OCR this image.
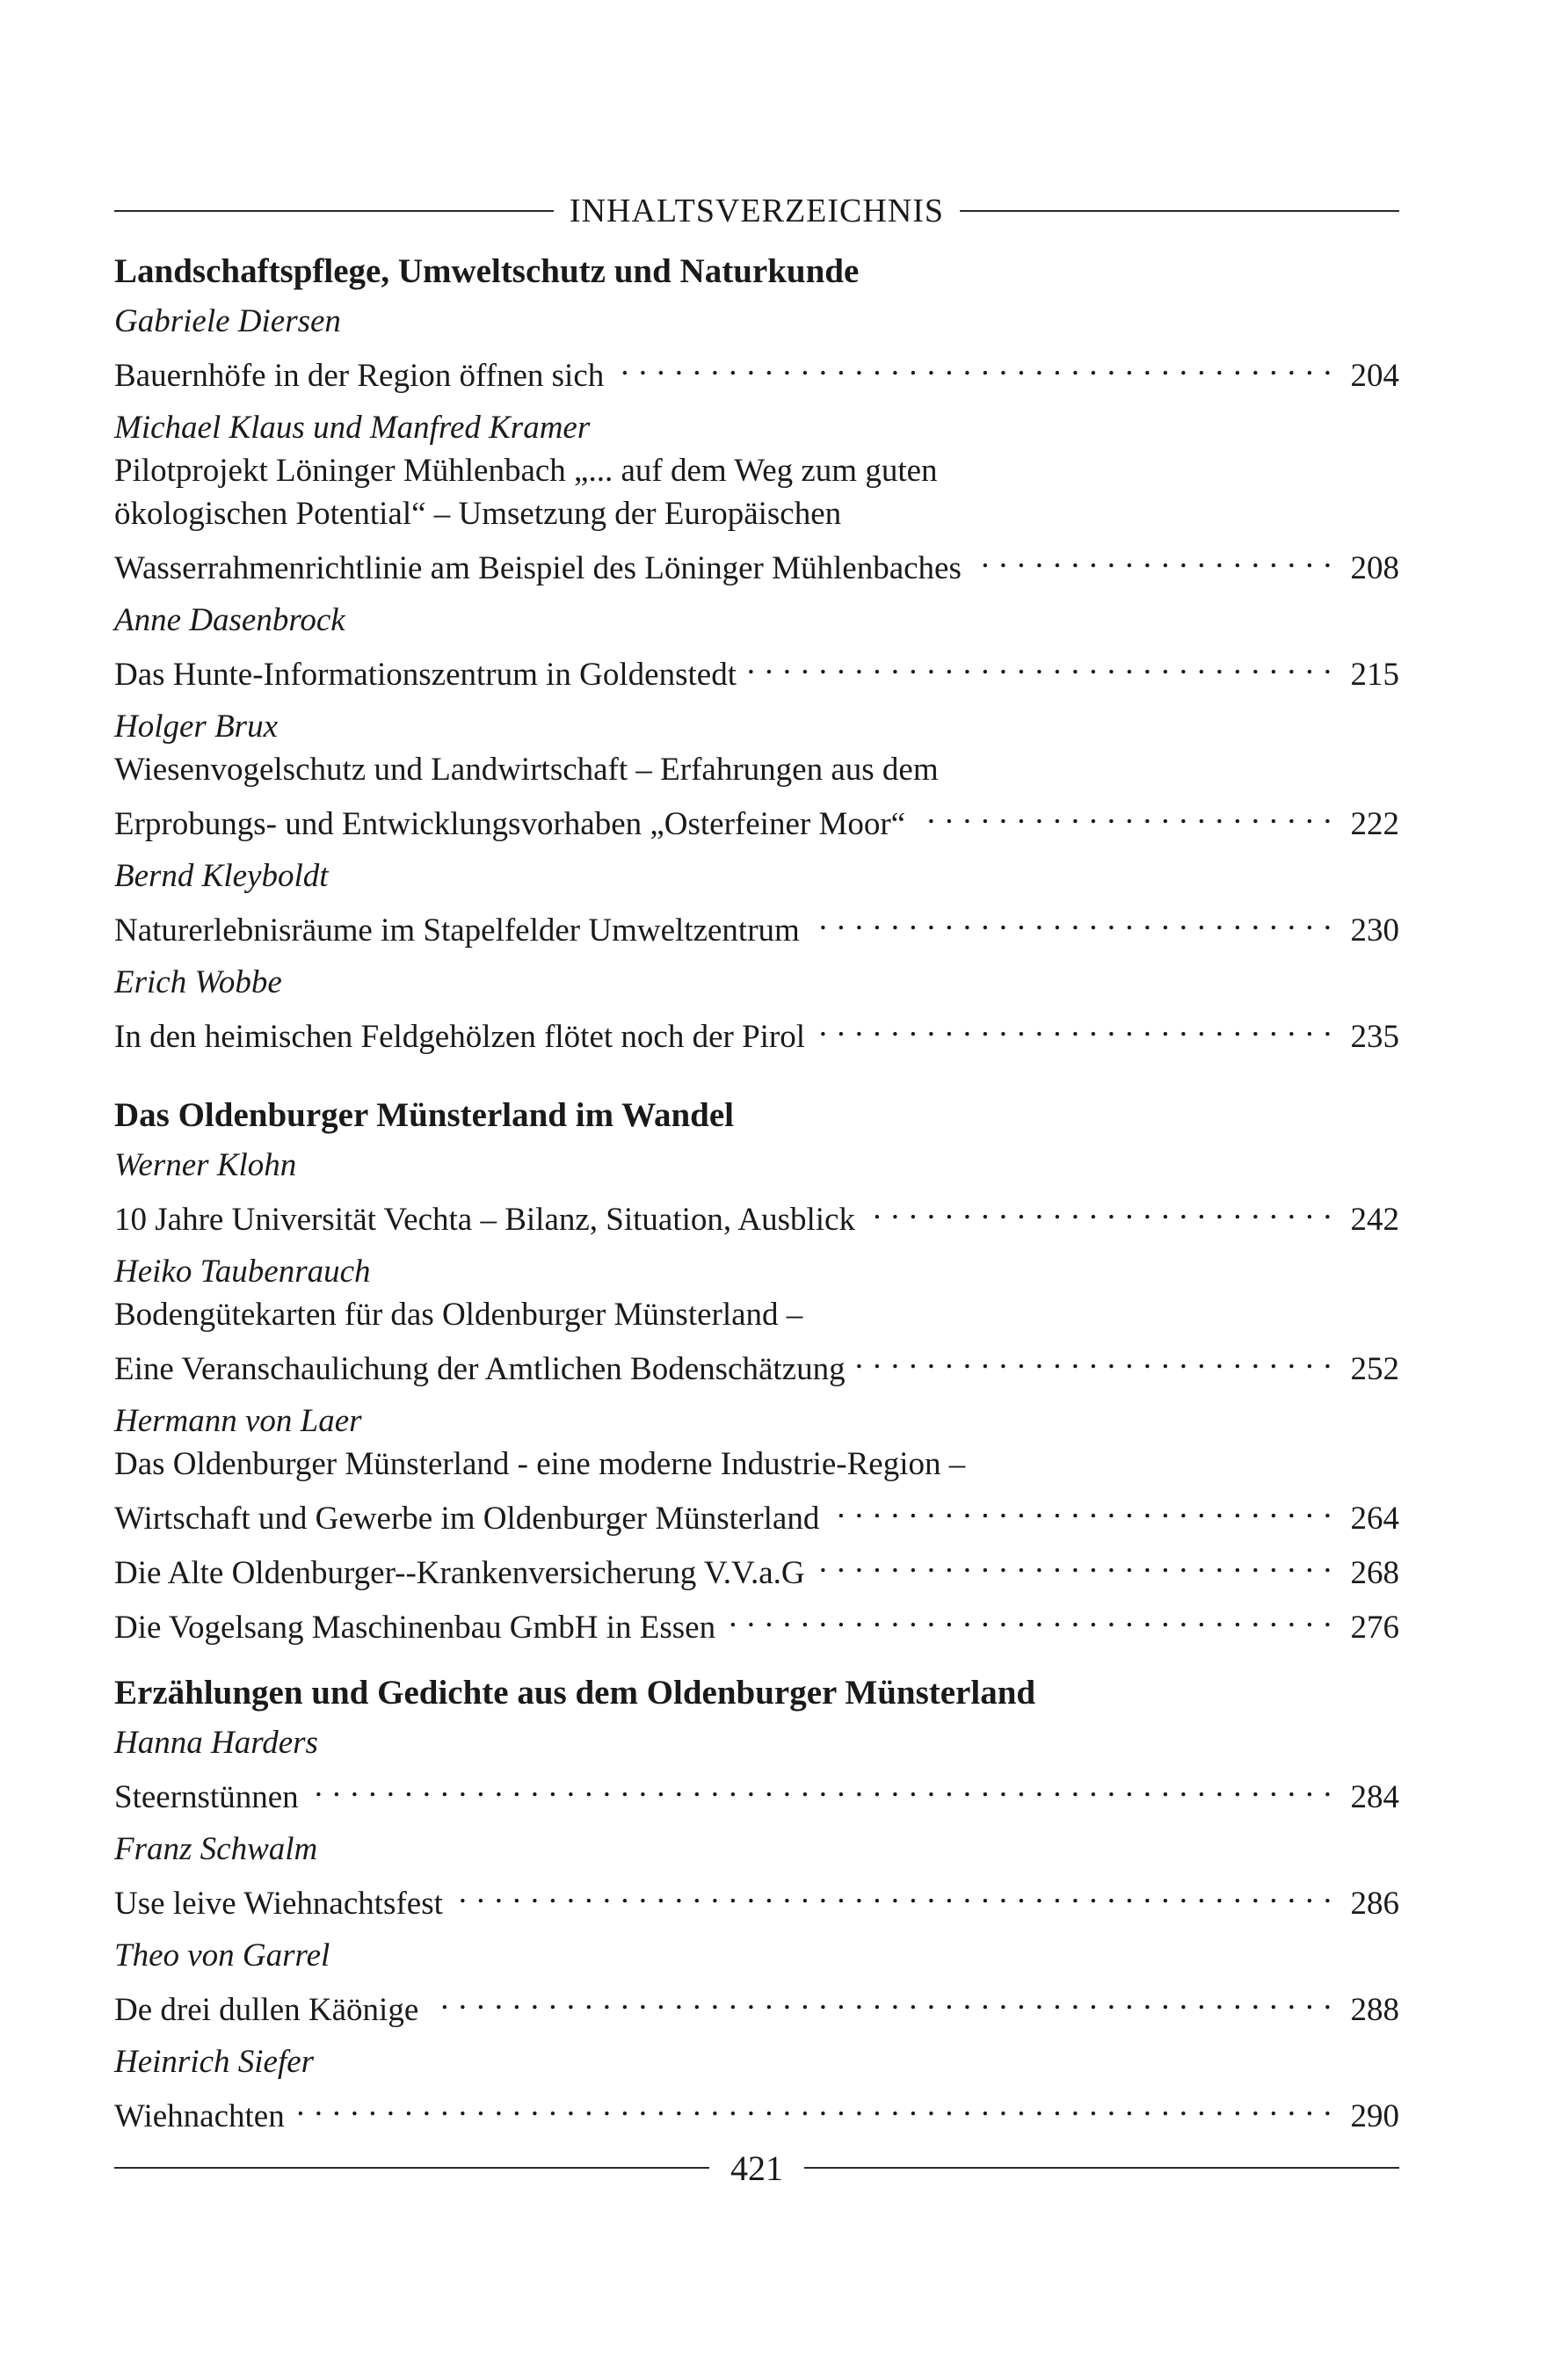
INHALTSVERZEICHNIS
Landschaftspflege, Umweltschutz und Naturkunde
Gabriele Diersen
Bauernhöfe in der Region öffnen sich . . .	204
Michael Klaus und Manfred Kramer
Pilotprojekt Löninger Mühlenbach „... auf dem Weg zum guten
ökologischen Potential“ – Umsetzung der Europäischen
Wasserrahmenrichtlinie am Beispiel des Löninger Mühlenbaches . . .	208
Anne Dasenbrock
Das Hunte-Informationszentrum in Goldenstedt . . .	215
Holger Brux
Wiesenvogelschutz und Landwirtschaft – Erfahrungen aus dem
Erprobungs- und Entwicklungsvorhaben „Osterfeiner Moor“ . . .	222
Bernd Kleyboldt
Naturerlebnisräume im Stapelfelder Umweltzentrum . . .	230
Erich Wobbe
In den heimischen Feldgehölzen flötet noch der Pirol . . .	235
Das Oldenburger Münsterland im Wandel
Werner Klohn
10 Jahre Universität Vechta – Bilanz, Situation, Ausblick . . .	242
Heiko Taubenrauch
Bodengütekarten für das Oldenburger Münsterland –
Eine Veranschaulichung der Amtlichen Bodenschätzung . . .	252
Hermann von Laer
Das Oldenburger Münsterland - eine moderne Industrie-Region –
Wirtschaft und Gewerbe im Oldenburger Münsterland . . .	264
Die Alte Oldenburger--Krankenversicherung V.V.a.G . . .	268
Die Vogelsang Maschinenbau GmbH in Essen . . .	276
Erzählungen und Gedichte aus dem Oldenburger Münsterland
Hanna Harders
Steernstünnen . . .	284
Franz Schwalm
Use leive Wiehnachtsfest . . .	286
Theo von Garrel
De drei dullen Käönige . . .	288
Heinrich Siefer
Wiehnachten . . .	290
421
